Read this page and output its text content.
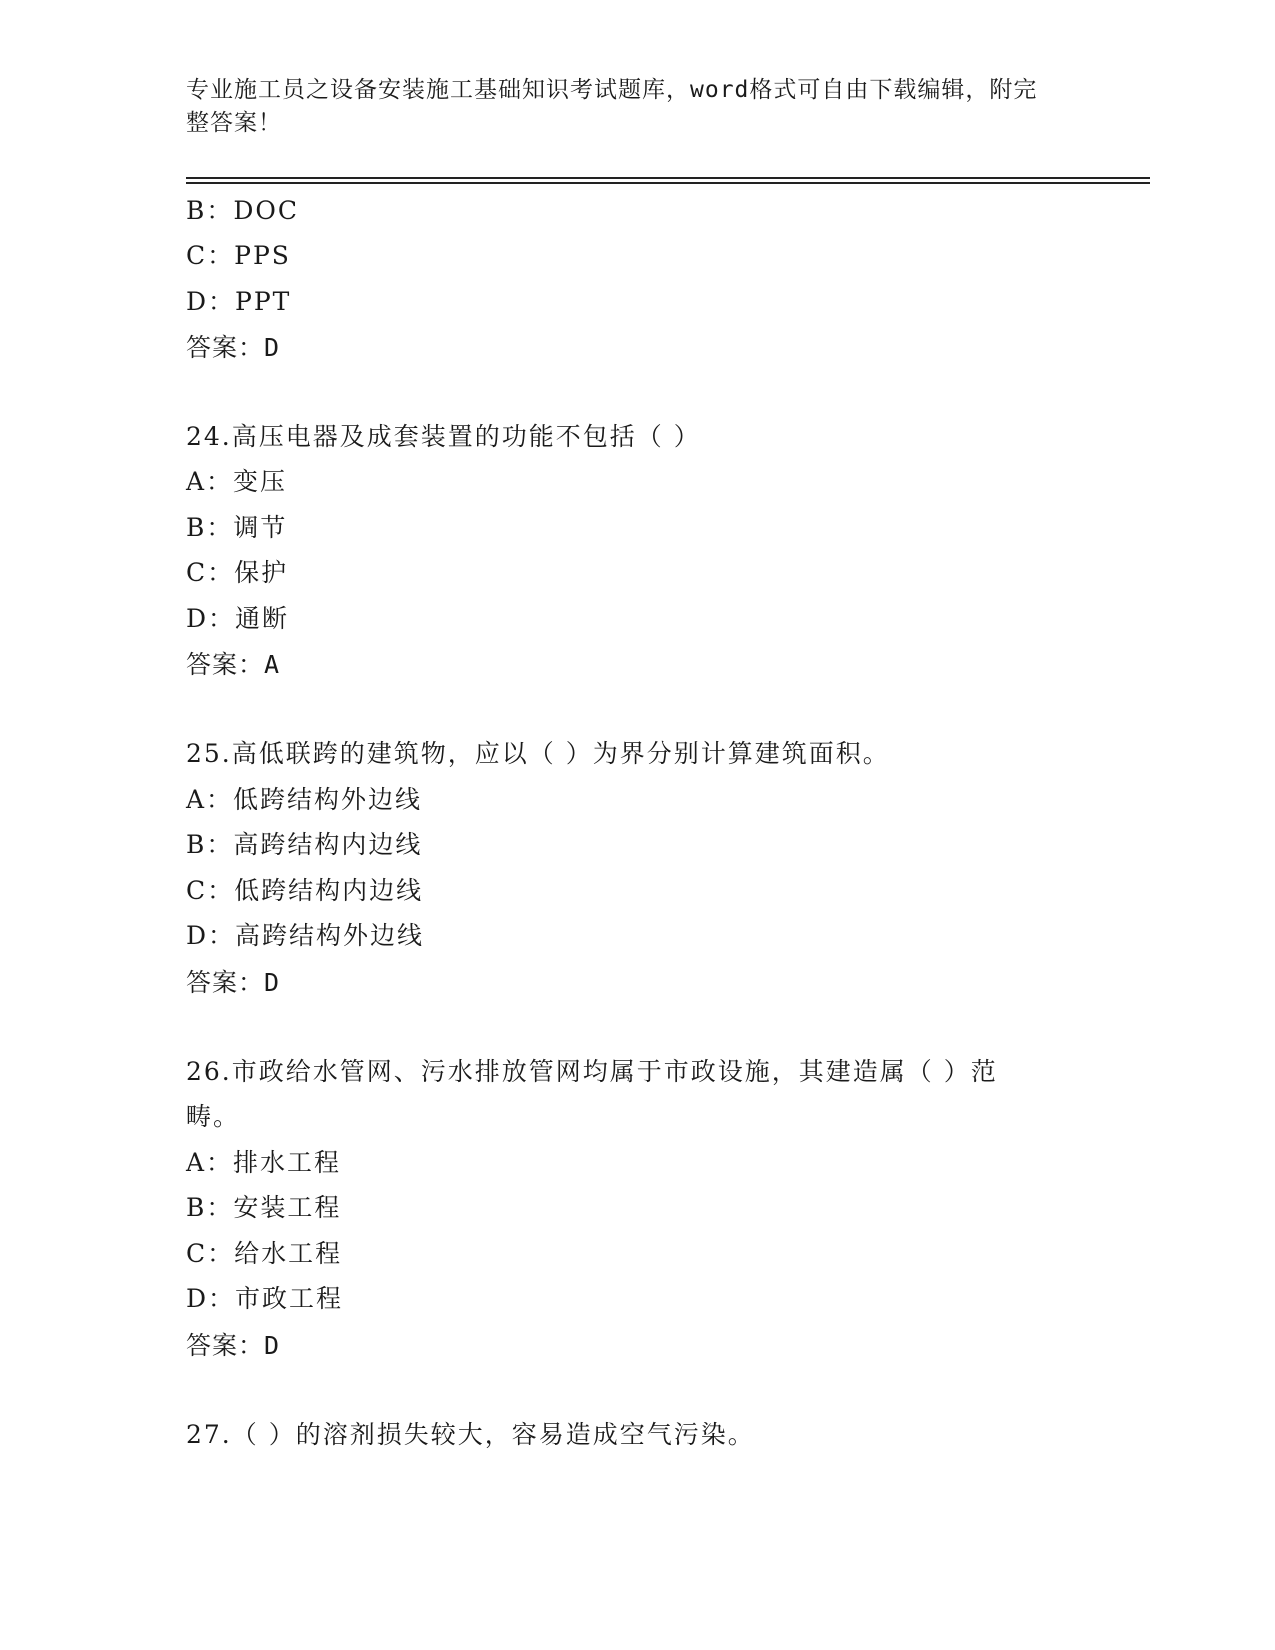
专业施工员之设备安装施工基础知识考试题库，word格式可自由下载编辑，附完
整答案！
B：DOC
C：PPS
D：PPT
答案：D
24.高压电器及成套装置的功能不包括（ ）
A：变压
B：调节
C：保护
D：通断
答案：A
25.高低联跨的建筑物，应以（ ）为界分别计算建筑面积。
A：低跨结构外边线
B：高跨结构内边线
C：低跨结构内边线
D：高跨结构外边线
答案：D
26.市政给水管网、污水排放管网均属于市政设施，其建造属（ ）范
畴。
A：排水工程
B：安装工程
C：给水工程
D：市政工程
答案：D
27.（ ）的溶剂损失较大，容易造成空气污染。
